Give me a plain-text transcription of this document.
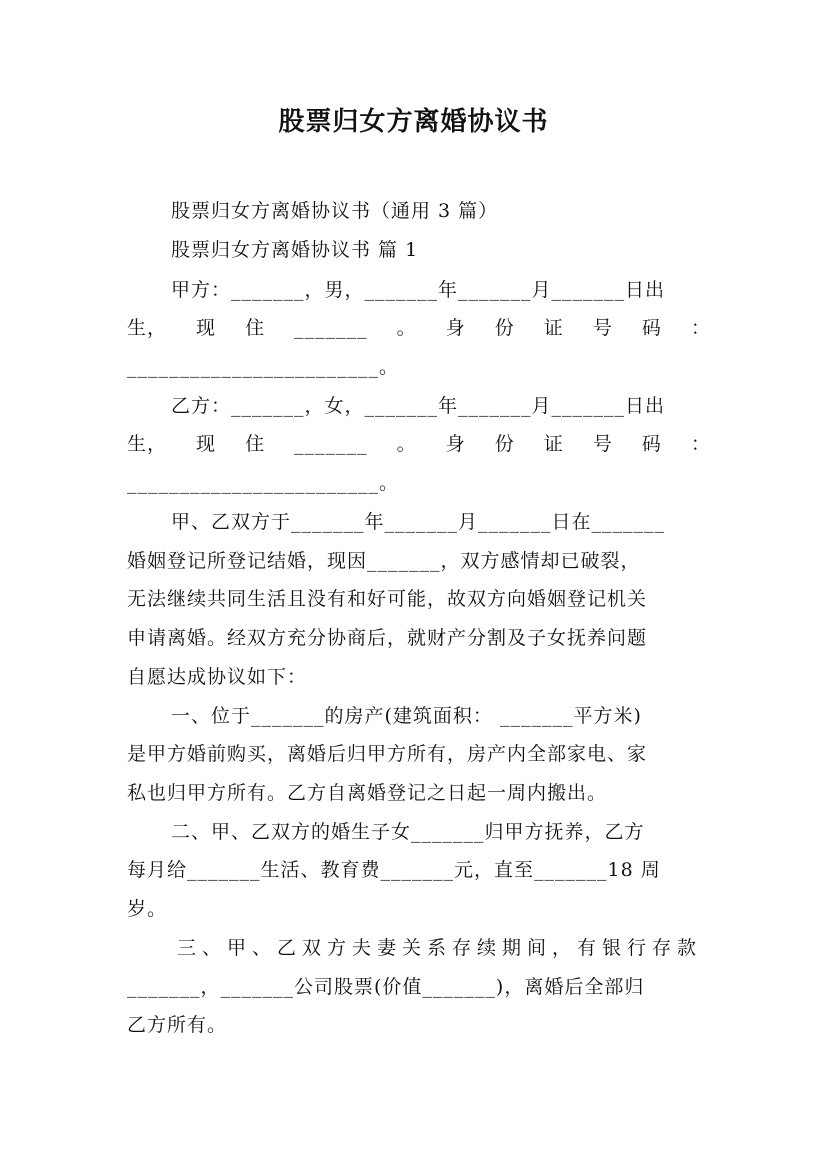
股票归女方离婚协议书
股票归女方离婚协议书（通用 3 篇）
股票归女方离婚协议书 篇 1
甲方：_______，男，_______年_______月_______日出
生， 现 住 _______ 。 身 份 证 号 码 ：
________________________。
乙方：_______，女，_______年_______月_______日出
生， 现 住 _______ 。 身 份 证 号 码 ：
________________________。
甲、乙双方于_______年_______月_______日在_______
婚姻登记所登记结婚，现因_______，双方感情却已破裂，
无法继续共同生活且没有和好可能，故双方向婚姻登记机关
申请离婚。经双方充分协商后，就财产分割及子女抚养问题
自愿达成协议如下：
一、位于_______的房产(建筑面积： _______平方米)
是甲方婚前购买，离婚后归甲方所有，房产内全部家电、家
私也归甲方所有。乙方自离婚登记之日起一周内搬出。
二、甲、乙双方的婚生子女_______归甲方抚养，乙方
每月给_______生活、教育费_______元，直至_______18 周
岁。
三、甲、乙双方夫妻关系存续期间，有银行存款
_______，_______公司股票(价值_______)，离婚后全部归
乙方所有。
